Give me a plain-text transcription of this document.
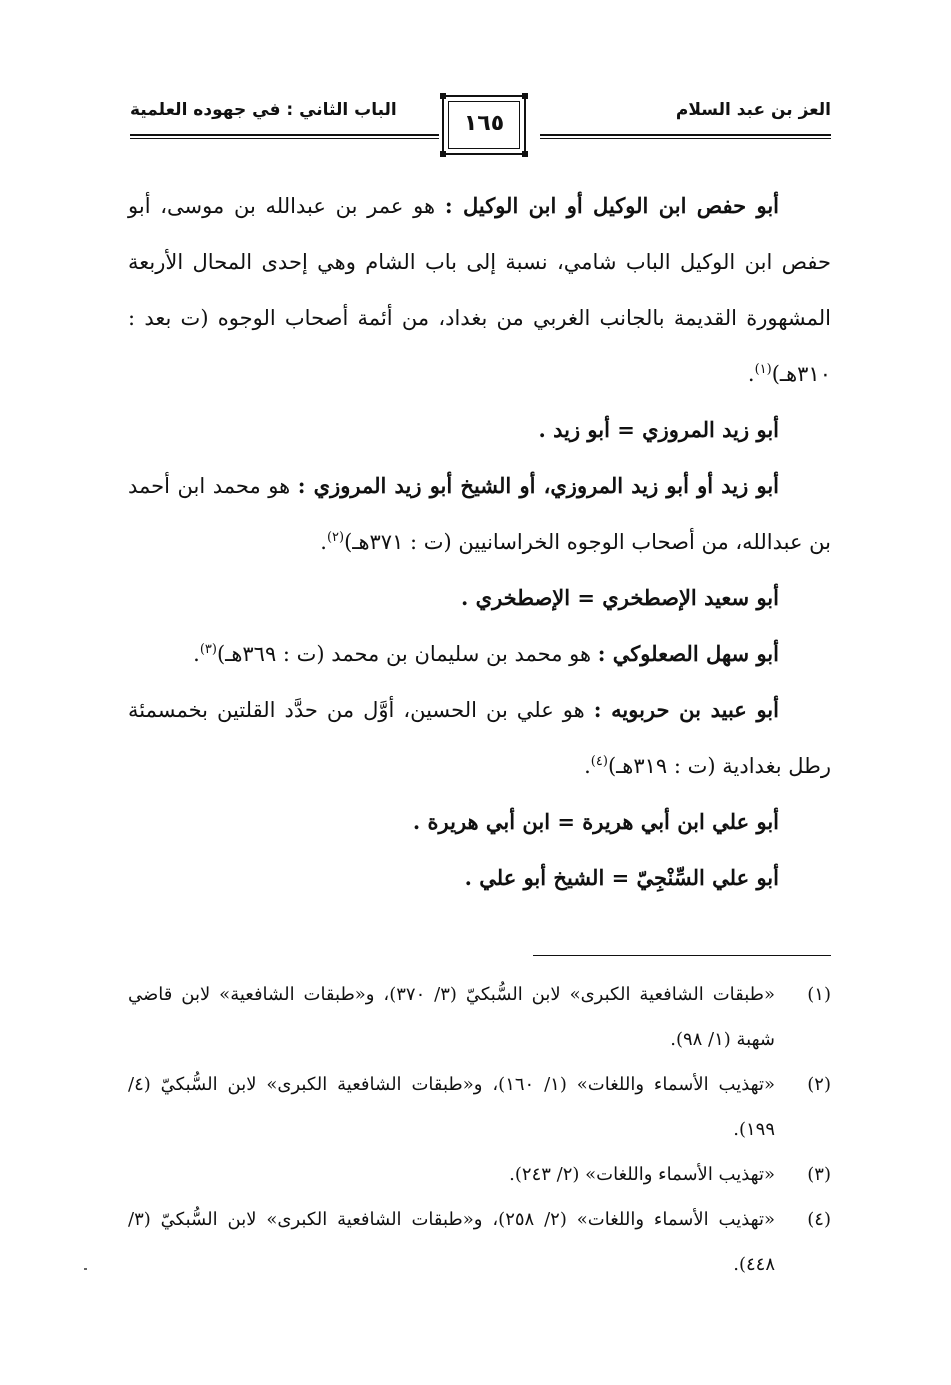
العز بن عبد السلام
الباب الثاني : في جهوده العلمية
١٦٥

أبو حفص ابن الوكيل أو ابن الوكيل : هو عمر بن عبدالله بن موسى، أبو حفص ابن الوكيل الباب شامي، نسبة إلى باب الشام وهي إحدى المحال الأربعة المشهورة القديمة بالجانب الغربي من بغداد، من أئمة أصحاب الوجوه (ت بعد : ٣١٠هـ)$^{(١)}$.

أبو زيد المروزي = أبو زيد .

أبو زيد أو أبو زيد المروزي، أو الشيخ أبو زيد المروزي : هو محمد ابن أحمد بن عبدالله، من أصحاب الوجوه الخراسانيين (ت : ٣٧١هـ)$^{(٢)}$.

أبو سعيد الإصطخري = الإصطخري .

أبو سهل الصعلوكي : هو محمد بن سليمان بن محمد (ت : ٣٦٩هـ)$^{(٣)}$.

أبو عبيد بن حربويه : هو علي بن الحسين، أوَّل من حدَّد القلتين بخمسمئة رطل بغدادية (ت : ٣١٩هـ)$^{(٤)}$.

أبو علي ابن أبي هريرة = ابن أبي هريرة .

أبو علي السِّنْجِيّ = الشيخ أبو علي .

(١)
«طبقات الشافعية الكبرى» لابن السُّبكيّ (٣/ ٣٧٠)، و«طبقات الشافعية» لابن قاضي شهبة (١/ ٩٨).
(٢)
«تهذيب الأسماء واللغات» (١/ ١٦٠)، و«طبقات الشافعية الكبرى» لابن السُّبكيّ (٤/ ١٩٩).
(٣)
«تهذيب الأسماء واللغات» (٢/ ٢٤٣).
(٤)
«تهذيب الأسماء واللغات» (٢/ ٢٥٨)، و«طبقات الشافعية الكبرى» لابن السُّبكيّ (٣/ ٤٤٨).
